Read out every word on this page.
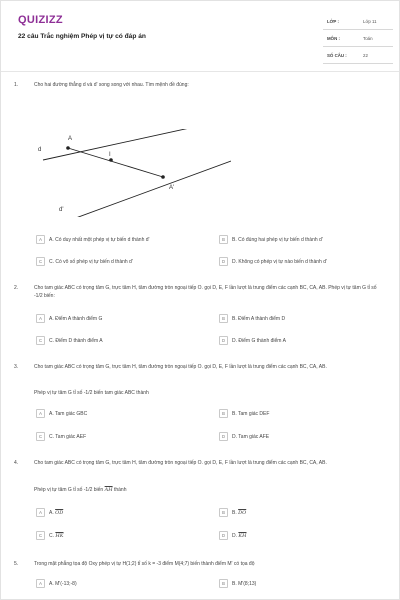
QUIZIZZ
22 câu Trắc nghiệm Phép vị tự có đáp án
LỚP :	Lớp 11
MÔN :	Toán
SỐ CÂU :	22
1.	Cho hai đường thẳng d và d' song song với nhau. Tìm mệnh đề đúng:
d
A
I
A'
d'
A	A. Có duy nhất một phép vị tự biến d thành d'	B	B. Có đúng hai phép vị tự biến d thành d'
C	C. Có vô số phép vị tự biến d thành d'	D	D. Không có phép vị tự nào biến d thành d'
2.	Cho tam giác ABC có trọng tâm G, trực tâm H, tâm đường tròn ngoại tiếp O. gọi D, E, F lần lượt là trung điểm các cạnh BC, CA, AB. Phép vị tự tâm G tỉ số -1/2 biến:
A	A. Điểm A thành điểm G	B	B. Điểm A thành điểm D
C	C. Điểm D thành điểm A	D	D. Điểm G thành điểm A
3.	Cho tam giác ABC có trọng tâm G, trực tâm H, tâm đường tròn ngoại tiếp O. gọi D, E, F lần lượt là trung điểm các cạnh BC, CA, AB.
Phép vị tự tâm G tỉ số -1/2 biến tam giác ABC thành
A	A. Tam giác GBC	B	B. Tam giác DEF
C	C. Tam giác AEF	D	D. Tam giác AFE
4.	Cho tam giác ABC có trọng tâm G, trực tâm H, tâm đường tròn ngoại tiếp O. gọi D, E, F lần lượt là trung điểm các cạnh BC, CA, AB.
Phép vị tự tâm G tỉ số -1/2 biến $\overline{AH}$ thành
A	A. $\overline{OD}$	B	B. $\overline{DO}$
C	C. $\overline{HK}$	D	D. $\overline{KH}$
5.	Trong mặt phẳng tọa độ Oxy phép vị tự H(1;2) tỉ số k = -3 điểm M(4;7) biến thành điểm M' có tọa độ
A	A. M'(-13;-8)	B	B. M'(8;13)
